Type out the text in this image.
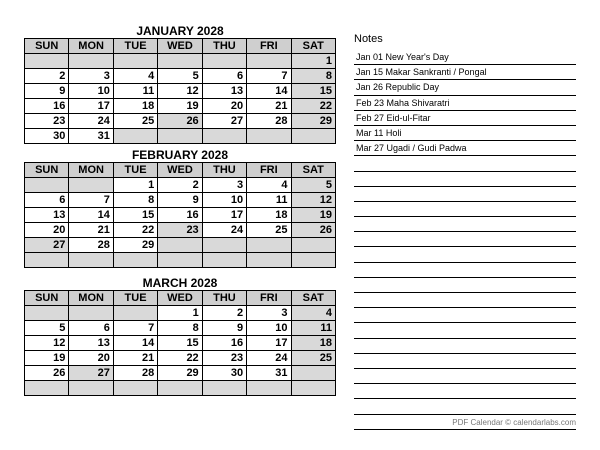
JANUARY 2028
SUN	MON	TUE	WED	THU	FRI	SAT
						1
2	3	4	5	6	7	8
9	10	11	12	13	14	15
16	17	18	19	20	21	22
23	24	25	26	27	28	29
30	31					
FEBRUARY 2028
SUN	MON	TUE	WED	THU	FRI	SAT
		1	2	3	4	5
6	7	8	9	10	11	12
13	14	15	16	17	18	19
20	21	22	23	24	25	26
27	28	29				

MARCH 2028
SUN	MON	TUE	WED	THU	FRI	SAT
			1	2	3	4
5	6	7	8	9	10	11
12	13	14	15	16	17	18
19	20	21	22	23	24	25
26	27	28	29	30	31	

Notes
Jan 01 New Year's Day
Jan 15 Makar Sankranti / Pongal
Jan 26 Republic Day
Feb 23 Maha Shivaratri
Feb 27 Eid-ul-Fitar
Mar 11 Holi
Mar 27 Ugadi / Gudi Padwa
PDF Calendar © calendarlabs.com
